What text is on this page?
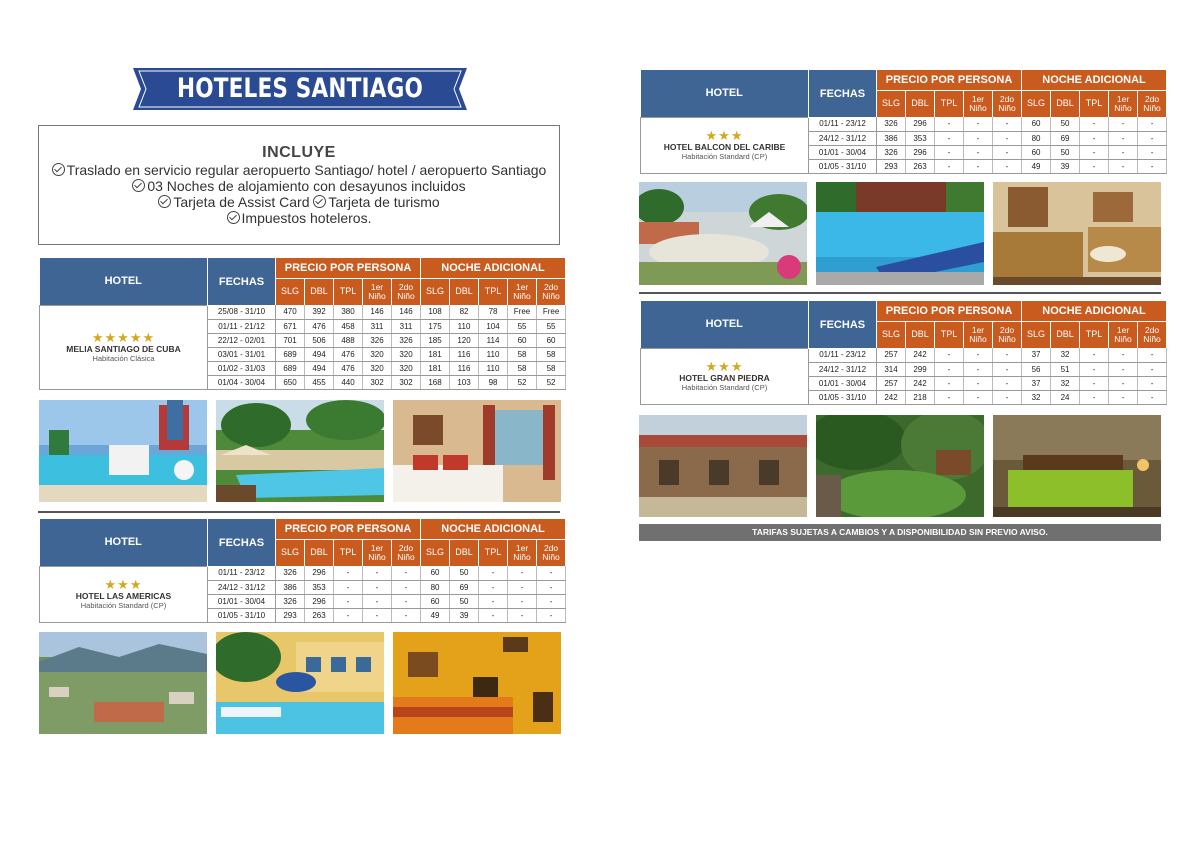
HOTELES SANTIAGO DE CUBA
INCLUYE
Traslado en servicio regular aeropuerto Santiago/ hotel / aeropuerto Santiago
03 Noches de alojamiento con desayunos incluidos
Tarjeta de Assist Card Tarjeta de turismo
Impuestos hoteleros.
HOTEL	FECHAS	PRECIO POR PERSONA					NOCHE ADICIONAL				
		SLG	DBL	TPL	1er Niño	2do Niño	SLG	DBL	TPL	1er Niño	2do Niño

★★★★★
MELIA SANTIAGO DE CUBA
Habitación Clásica	25/08 - 31/10	470	392	380	146	146	108	82	78	Free	Free
	01/11 - 21/12	671	476	458	311	311	175	110	104	55	55
	22/12 - 02/01	701	506	488	326	326	185	120	114	60	60
	03/01 - 31/01	689	494	476	320	320	181	116	110	58	58
	01/02 - 31/03	689	494	476	320	320	181	116	110	58	58
	01/04 - 30/04	650	455	440	302	302	168	103	98	52	52
HOTEL	FECHAS	PRECIO POR PERSONA					NOCHE ADICIONAL				
		SLG	DBL	TPL	1er Niño	2do Niño	SLG	DBL	TPL	1er Niño	2do Niño

★★★
HOTEL LAS AMERICAS
Habitación Standard (CP)	01/11 - 23/12	326	296	-	-	-	60	50	-	-	-
	24/12 - 31/12	386	353	-	-	-	80	69	-	-	-
	01/01 - 30/04	326	296	-	-	-	60	50	-	-	-
	01/05 - 31/10	293	263	-	-	-	49	39	-	-	-
HOTEL	FECHAS	PRECIO POR PERSONA					NOCHE ADICIONAL				
		SLG	DBL	TPL	1er Niño	2do Niño	SLG	DBL	TPL	1er Niño	2do Niño

★★★
HOTEL BALCON DEL CARIBE
Habitación Standard (CP)	01/11 - 23/12	326	296	-	-	-	60	50	-	-	-
	24/12 - 31/12	386	353	-	-	-	80	69	-	-	-
	01/01 - 30/04	326	296	-	-	-	60	50	-	-	-
	01/05 - 31/10	293	263	-	-	-	49	39	-	-	-
HOTEL	FECHAS	PRECIO POR PERSONA					NOCHE ADICIONAL				
		SLG	DBL	TPL	1er Niño	2do Niño	SLG	DBL	TPL	1er Niño	2do Niño

★★★
HOTEL GRAN PIEDRA
Habitación Standard (CP)	01/11 - 23/12	257	242	-	-	-	37	32	-	-	-
	24/12 - 31/12	314	299	-	-	-	56	51	-	-	-
	01/01 - 30/04	257	242	-	-	-	37	32	-	-	-
	01/05 - 31/10	242	218	-	-	-	32	24	-	-	-
TARIFAS SUJETAS A CAMBIOS Y A DISPONIBILIDAD SIN PREVIO AVISO.
